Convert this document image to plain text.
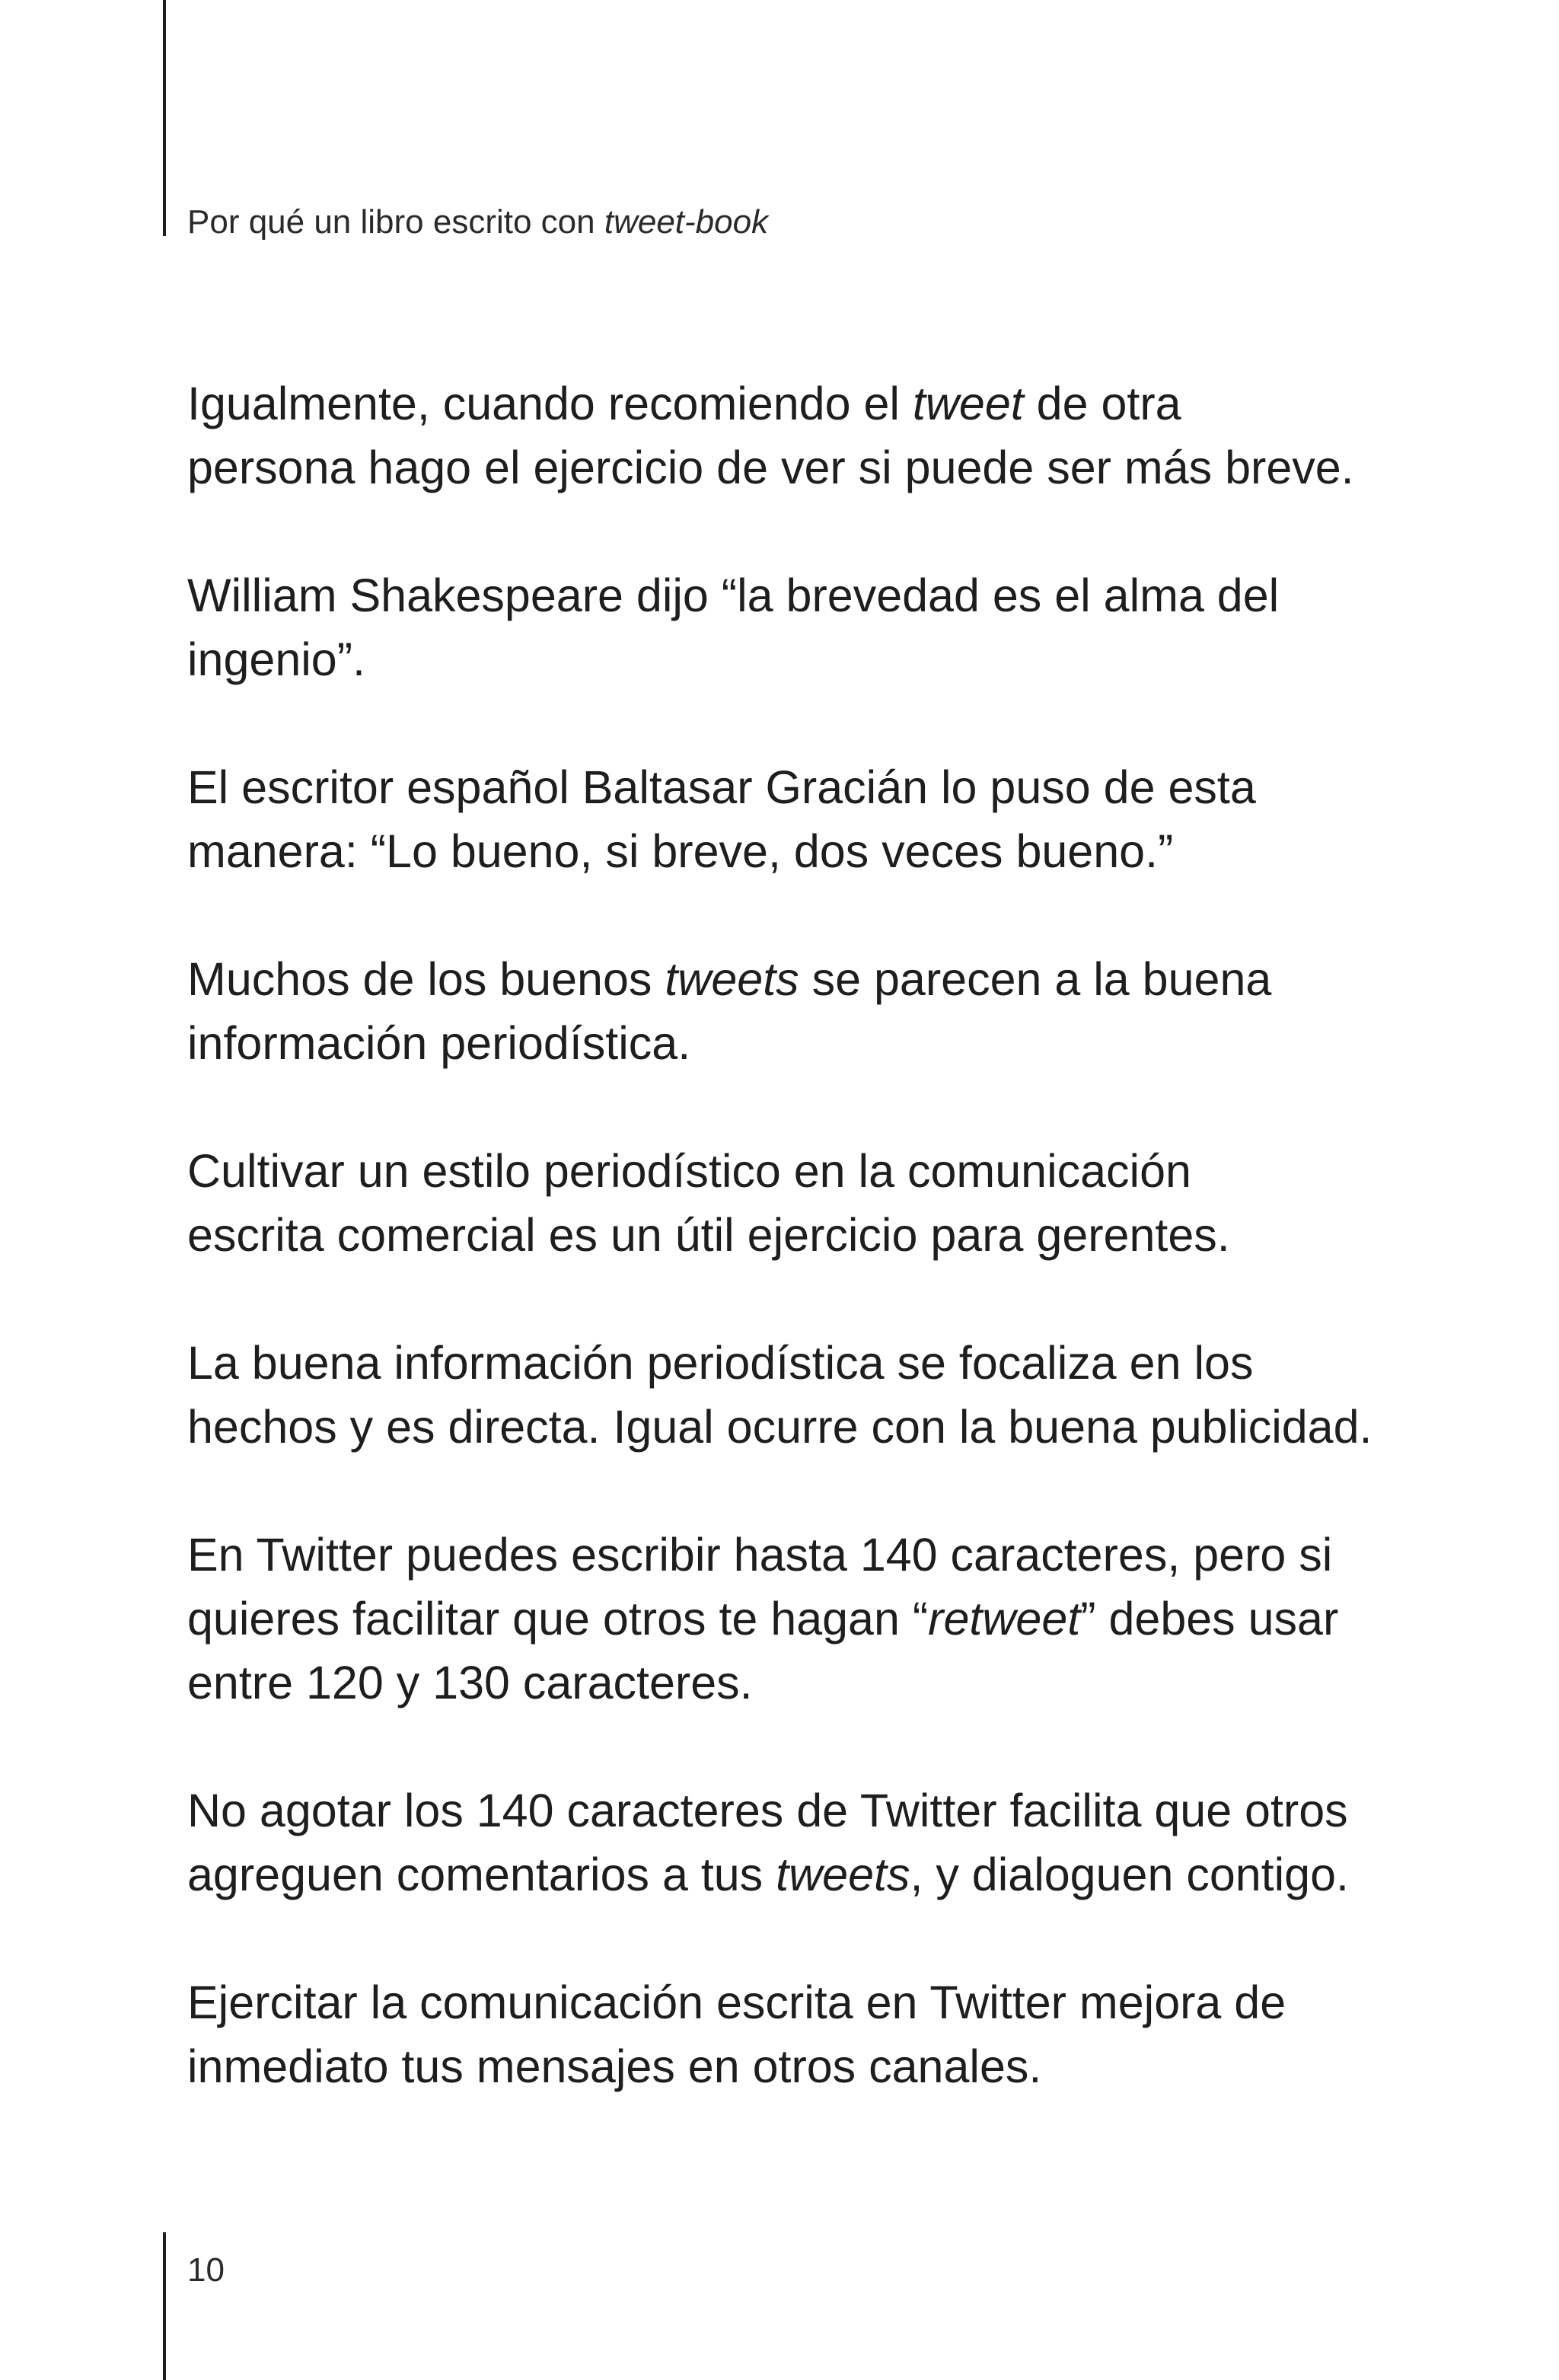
Por qué un libro escrito con tweet-book

Igualmente, cuando recomiendo el tweet de otra
persona hago el ejercicio de ver si puede ser más breve.

William Shakespeare dijo “la brevedad es el alma del
ingenio”.

El escritor español Baltasar Gracián lo puso de esta
manera: “Lo bueno, si breve, dos veces bueno.”

Muchos de los buenos tweets se parecen a la buena
información periodística.

Cultivar un estilo periodístico en la comunicación
escrita comercial es un útil ejercicio para gerentes.

La buena información periodística se focaliza en los
hechos y es directa. Igual ocurre con la buena publicidad.

En Twitter puedes escribir hasta 140 caracteres, pero si
quieres facilitar que otros te hagan “retweet” debes usar
entre 120 y 130 caracteres.

No agotar los 140 caracteres de Twitter facilita que otros
agreguen comentarios a tus tweets, y dialoguen contigo.

Ejercitar la comunicación escrita en Twitter mejora de
inmediato tus mensajes en otros canales.

10
